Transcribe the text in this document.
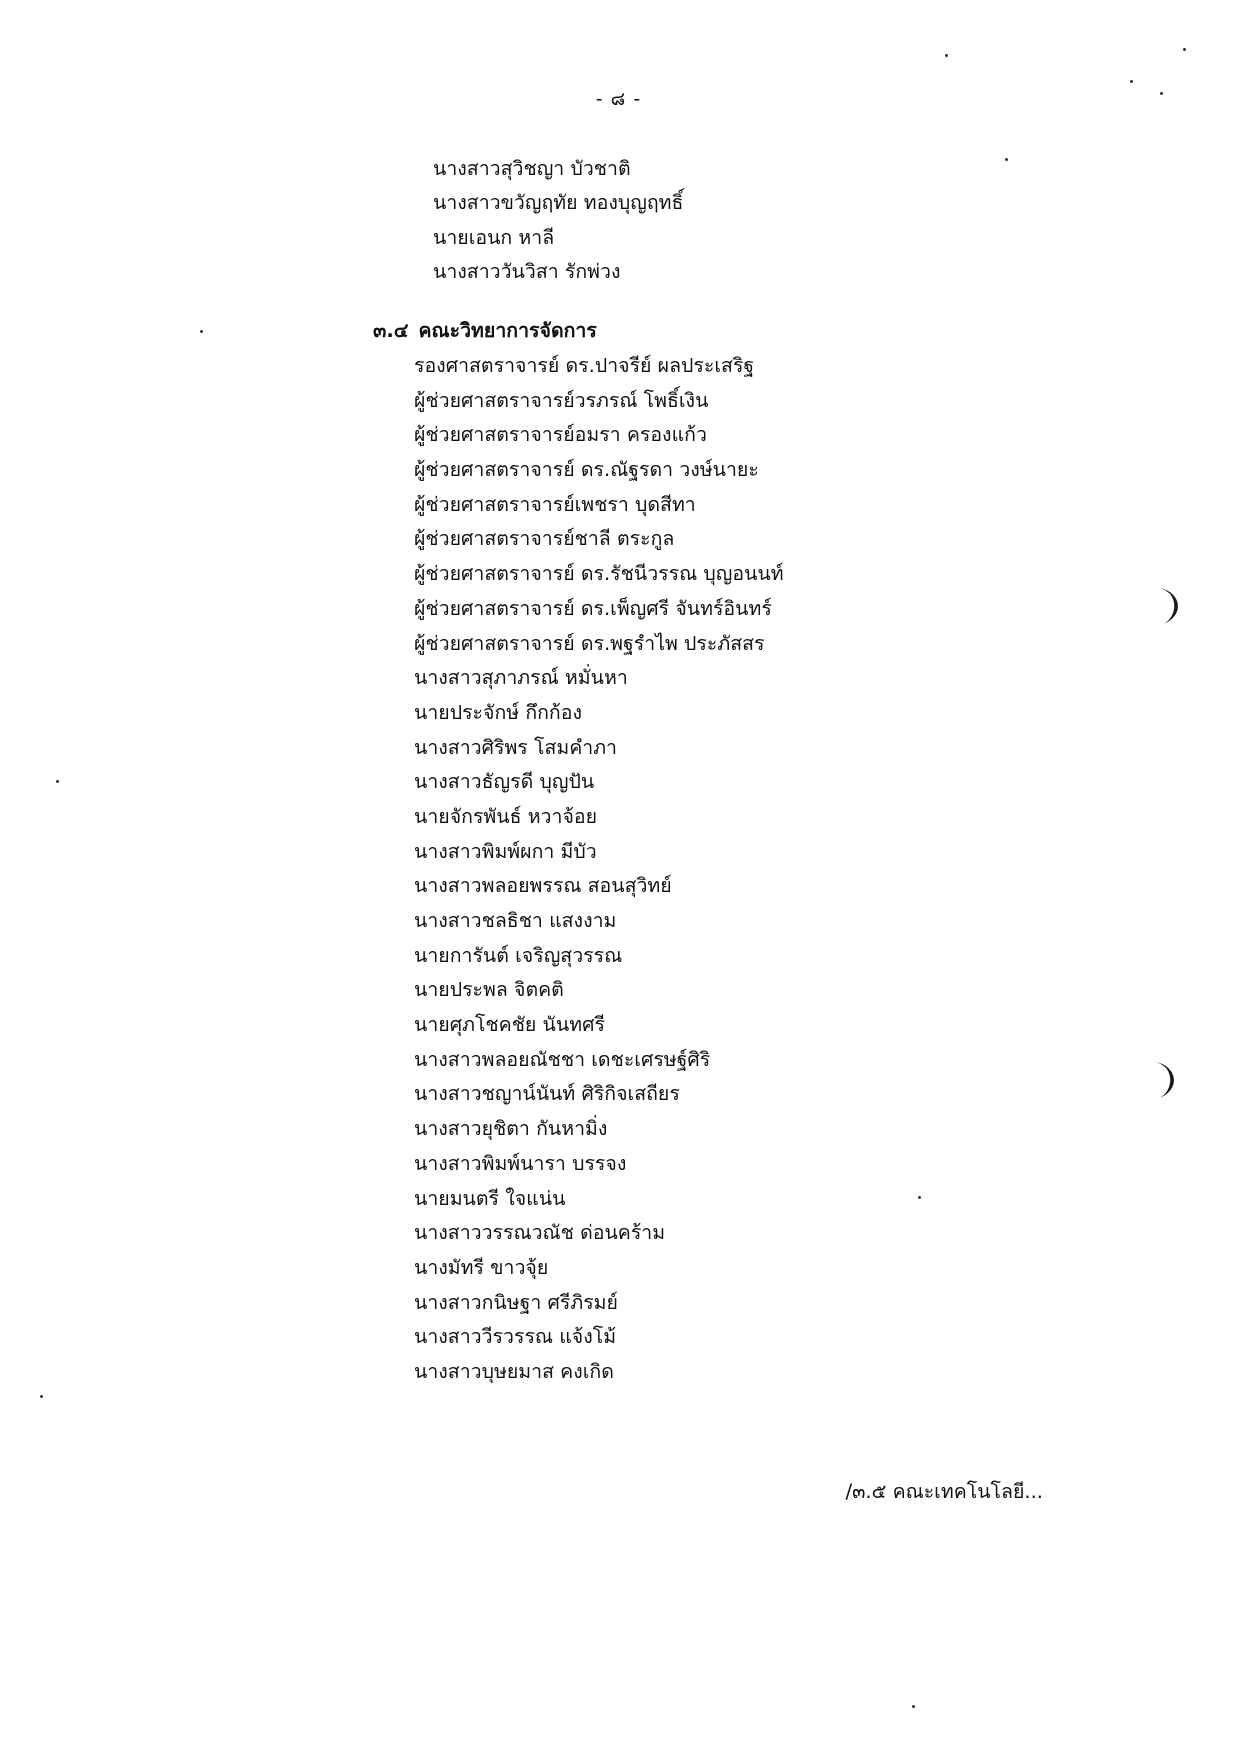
- ๘ -
นางสาวสุวิชญา บัวชาติ
นางสาวขวัญฤทัย ทองบุญฤทธิ์
นายเอนก หาลี
นางสาววันวิสา รักพ่วง
๓.๔ คณะวิทยาการจัดการ
รองศาสตราจารย์ ดร.ปาจรีย์ ผลประเสริฐ
ผู้ช่วยศาสตราจารย์วรภรณ์ โพธิ์เงิน
ผู้ช่วยศาสตราจารย์อมรา ครองแก้ว
ผู้ช่วยศาสตราจารย์ ดร.ณัฐรดา วงษ์นายะ
ผู้ช่วยศาสตราจารย์เพชรา บุดสีทา
ผู้ช่วยศาสตราจารย์ชาลี ตระกูล
ผู้ช่วยศาสตราจารย์ ดร.รัชนีวรรณ บุญอนนท์
ผู้ช่วยศาสตราจารย์ ดร.เพ็ญศรี จันทร์อินทร์
ผู้ช่วยศาสตราจารย์ ดร.พฐรำไพ ประภัสสร
นางสาวสุภาภรณ์ หมั่นหา
นายประจักษ์ กึกก้อง
นางสาวศิริพร โสมคำภา
นางสาวธัญรดี บุญปัน
นายจักรพันธ์ หวาจ้อย
นางสาวพิมพ์ผกา มีบัว
นางสาวพลอยพรรณ สอนสุวิทย์
นางสาวชลธิชา แสงงาม
นายการันต์ เจริญสุวรรณ
นายประพล จิตคติ
นายศุภโชคชัย นันทศรี
นางสาวพลอยณัชชา เดชะเศรษฐ์ศิริ
นางสาวชญาน์นันท์ ศิริกิจเสถียร
นางสาวยุชิตา กันหามิ่ง
นางสาวพิมพ์นารา บรรจง
นายมนตรี ใจแน่น
นางสาววรรณวณัช ด่อนคร้าม
นางมัทรี ขาวจุ้ย
นางสาวกนิษฐา ศรีภิรมย์
นางสาววีรวรรณ แจ้งโม้
นางสาวบุษยมาส คงเกิด
/๓.๕ คณะเทคโนโลยี...
